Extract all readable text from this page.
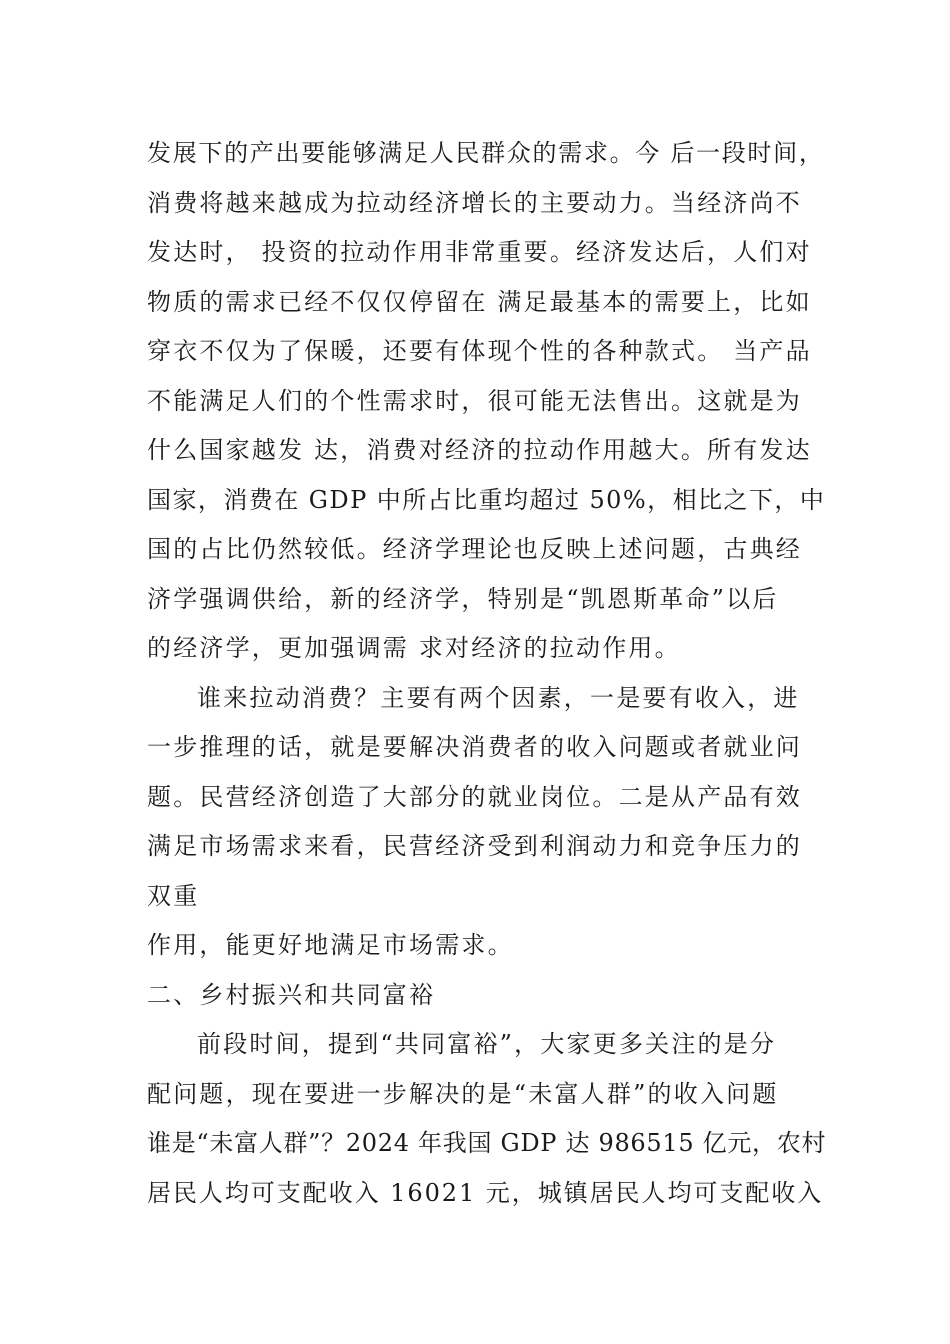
发展下的产出要能够满足人民群众的需求。今 后一段时间，
消费将越来越成为拉动经济增长的主要动力。当经济尚不
发达时， 投资的拉动作用非常重要。经济发达后，人们对
物质的需求已经不仅仅停留在 满足最基本的需要上，比如
穿衣不仅为了保暖，还要有体现个性的各种款式。 当产品
不能满足人们的个性需求时，很可能无法售出。这就是为
什么国家越发 达，消费对经济的拉动作用越大。所有发达
国家，消费在 GDP 中所占比重均超过 50%，相比之下，中
国的占比仍然较低。经济学理论也反映上述问题，古典经
济学强调供给，新的经济学，特别是“凯恩斯革命”以后
的经济学，更加强调需 求对经济的拉动作用。
谁来拉动消费？主要有两个因素，一是要有收入，进
一步推理的话，就是要解决消费者的收入问题或者就业问
题。民营经济创造了大部分的就业岗位。二是从产品有效
满足市场需求来看，民营经济受到利润动力和竞争压力的
双重
作用，能更好地满足市场需求。
二、乡村振兴和共同富裕
前段时间，提到“共同富裕”，大家更多关注的是分
配问题，现在要进一步解决的是“未富人群”的收入问题
谁是“未富人群”？2024 年我国 GDP 达 986515 亿元，农村
居民人均可支配收入 16021 元，城镇居民人均可支配收入
